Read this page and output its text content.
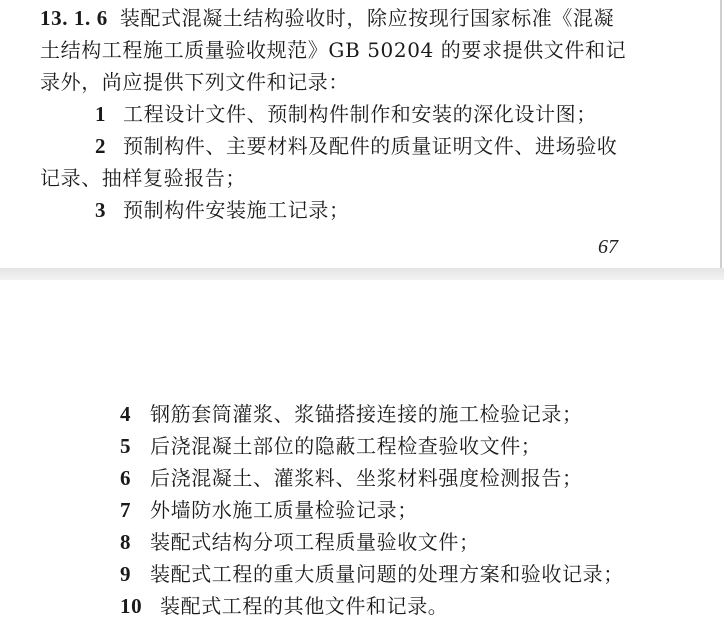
13. 1. 6 装配式混凝土结构验收时，除应按现行国家标准《混凝
土结构工程施工质量验收规范》GB 50204 的要求提供文件和记
录外，尚应提供下列文件和记录：
1 工程设计文件、预制构件制作和安装的深化设计图；
2 预制构件、主要材料及配件的质量证明文件、进场验收
记录、抽样复验报告；
3 预制构件安装施工记录；
67
4 钢筋套筒灌浆、浆锚搭接连接的施工检验记录；
5 后浇混凝土部位的隐蔽工程检查验收文件；
6 后浇混凝土、灌浆料、坐浆材料强度检测报告；
7 外墙防水施工质量检验记录；
8 装配式结构分项工程质量验收文件；
9 装配式工程的重大质量问题的处理方案和验收记录；
10 装配式工程的其他文件和记录。
